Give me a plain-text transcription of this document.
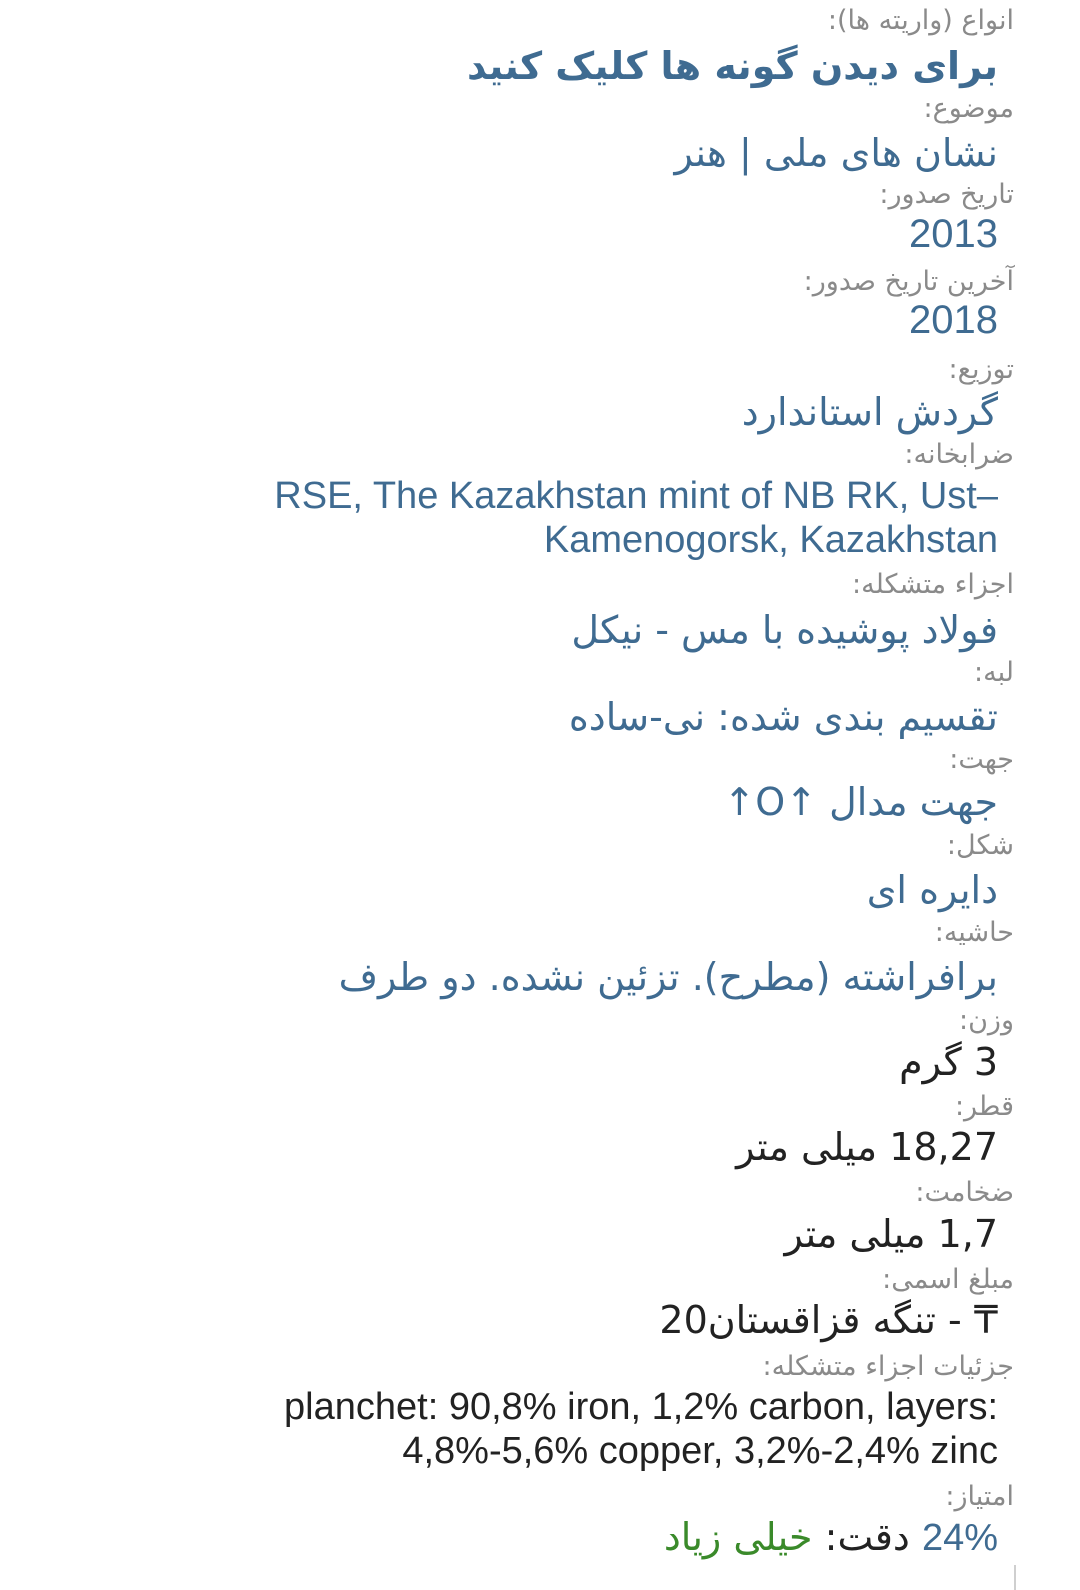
انواع (واریته ها):
برای دیدن گونه ها کلیک کنید
موضوع:
نشان های ملی | هنر
تاریخ صدور:
2013
آخرین تاریخ صدور:
2018
توزیع:
گردش استاندارد
ضرابخانه:
RSE, The Kazakhstan mint of NB RK, Ust–Kamenogorsk, Kazakhstan
اجزاء متشکله:
فولاد پوشیده با مس - نیکل
لبه:
تقسیم بندی شده: نی-ساده
جهت:
جهت مدال ↑O↑
شکل:
دایره ای
حاشیه:
برافراشته (مطرح). تزئین نشده. دو طرف
وزن:
3 گرم
قطر:
18,27 میلی متر
ضخامت:
1,7 میلی متر
مبلغ اسمی:
₸ - تنگه قزاقستان20
جزئیات اجزاء متشکله:
planchet: 90,8% iron, 1,2% carbon, layers: 4,8%-5,6% copper, 3,2%-2,4% zinc
امتیاز:
24% دقت: خیلی زیاد
